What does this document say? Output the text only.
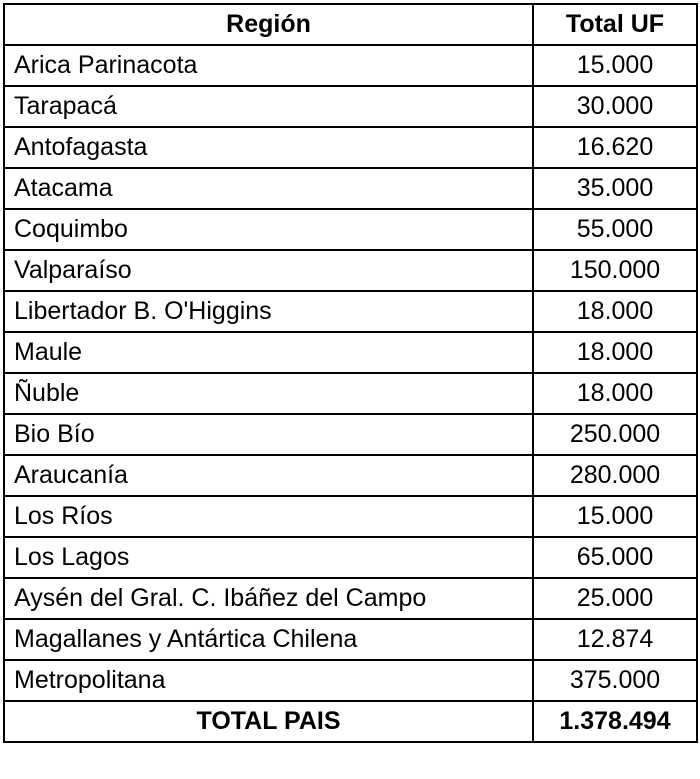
Región	Total UF
Arica Parinacota	15.000
Tarapacá	30.000
Antofagasta	16.620
Atacama	35.000
Coquimbo	55.000
Valparaíso	150.000
Libertador B. O'Higgins	18.000
Maule	18.000
Ñuble	18.000
Bio Bío	250.000
Araucanía	280.000
Los Ríos	15.000
Los Lagos	65.000
Aysén del Gral. C. Ibáñez del Campo	25.000
Magallanes y Antártica Chilena	12.874
Metropolitana	375.000
TOTAL PAIS	1.378.494
